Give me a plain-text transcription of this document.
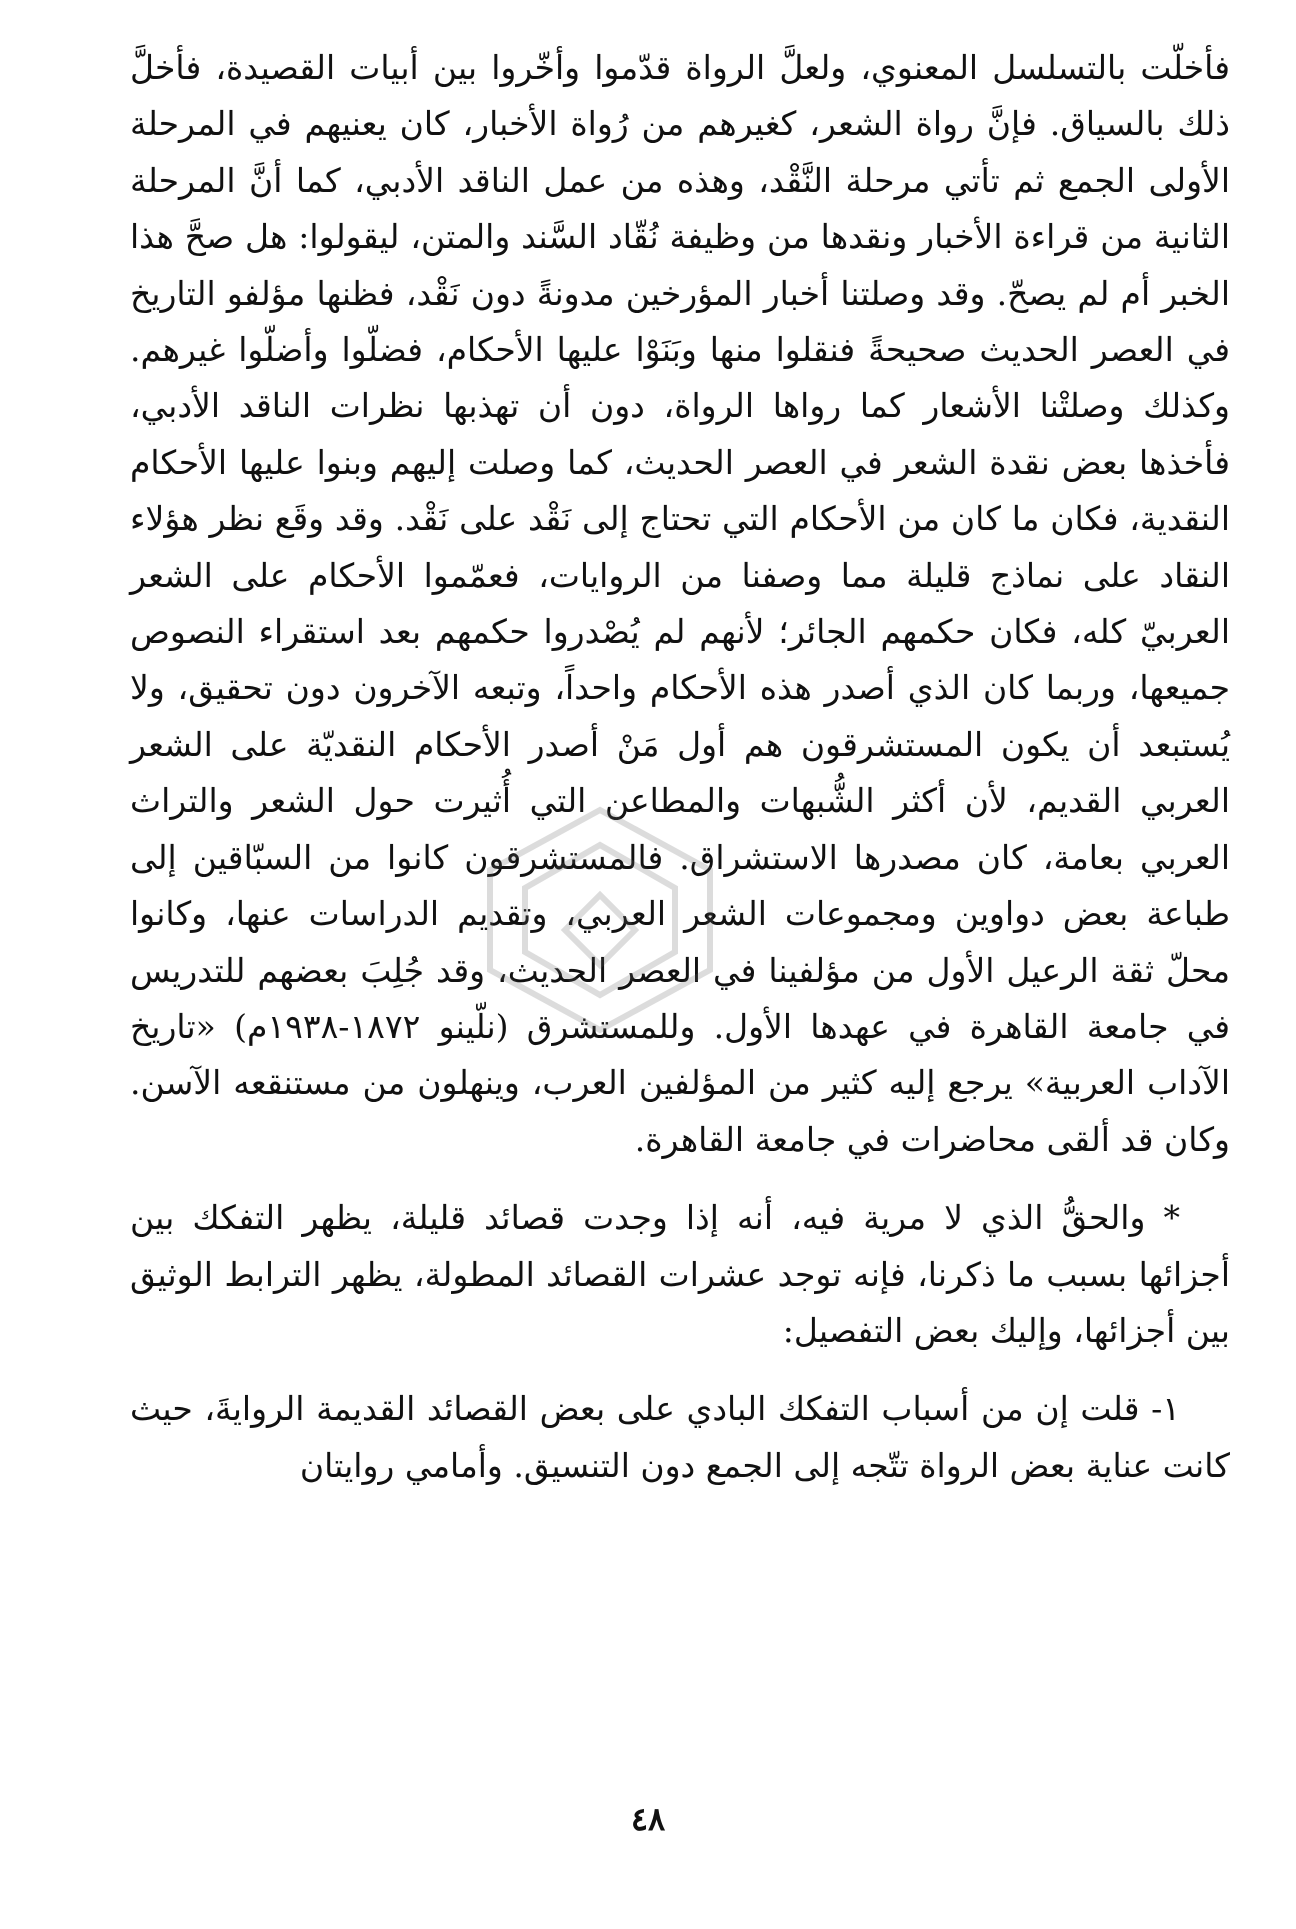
فأخلّت بالتسلسل المعنوي، ولعلَّ الرواة قدّموا وأخّروا بين أبيات القصيدة، فأخلَّ ذلك بالسياق. فإنَّ رواة الشعر، كغيرهم من رُواة الأخبار، كان يعنيهم في المرحلة الأولى الجمع ثم تأتي مرحلة النَّقْد، وهذه من عمل الناقد الأدبي، كما أنَّ المرحلة الثانية من قراءة الأخبار ونقدها من وظيفة نُقّاد السَّند والمتن، ليقولوا: هل صحَّ هذا الخبر أم لم يصحّ. وقد وصلتنا أخبار المؤرخين مدونةً دون نَقْد، فظنها مؤلفو التاريخ في العصر الحديث صحيحةً فنقلوا منها وبَنَوْا عليها الأحكام، فضلّوا وأضلّوا غيرهم. وكذلك وصلتْنا الأشعار كما رواها الرواة، دون أن تهذبها نظرات الناقد الأدبي، فأخذها بعض نقدة الشعر في العصر الحديث، كما وصلت إليهم وبنوا عليها الأحكام النقدية، فكان ما كان من الأحكام التي تحتاج إلى نَقْد على نَقْد. وقد وقَع نظر هؤلاء النقاد على نماذج قليلة مما وصفنا من الروايات، فعمّموا الأحكام على الشعر العربيّ كله، فكان حكمهم الجائر؛ لأنهم لم يُصْدروا حكمهم بعد استقراء النصوص جميعها، وربما كان الذي أصدر هذه الأحكام واحداً، وتبعه الآخرون دون تحقيق، ولا يُستبعد أن يكون المستشرقون هم أول مَنْ أصدر الأحكام النقديّة على الشعر العربي القديم، لأن أكثر الشُّبهات والمطاعن التي أُثيرت حول الشعر والتراث العربي بعامة، كان مصدرها الاستشراق. فالمستشرقون كانوا من السبّاقين إلى طباعة بعض دواوين ومجموعات الشعر العربي، وتقديم الدراسات عنها، وكانوا محلّ ثقة الرعيل الأول من مؤلفينا في العصر الحديث، وقد جُلِبَ بعضهم للتدريس في جامعة القاهرة في عهدها الأول. وللمستشرق (نلّينو ١٨٧٢-١٩٣٨م) «تاريخ الآداب العربية» يرجع إليه كثير من المؤلفين العرب، وينهلون من مستنقعه الآسن. وكان قد ألقى محاضرات في جامعة القاهرة.

* والحقُّ الذي لا مرية فيه، أنه إذا وجدت قصائد قليلة، يظهر التفكك بين أجزائها بسبب ما ذكرنا، فإنه توجد عشرات القصائد المطولة، يظهر الترابط الوثيق بين أجزائها، وإليك بعض التفصيل:

١- قلت إن من أسباب التفكك البادي على بعض القصائد القديمة الروايةَ، حيث كانت عناية بعض الرواة تتّجه إلى الجمع دون التنسيق. وأمامي روايتان

٤٨
